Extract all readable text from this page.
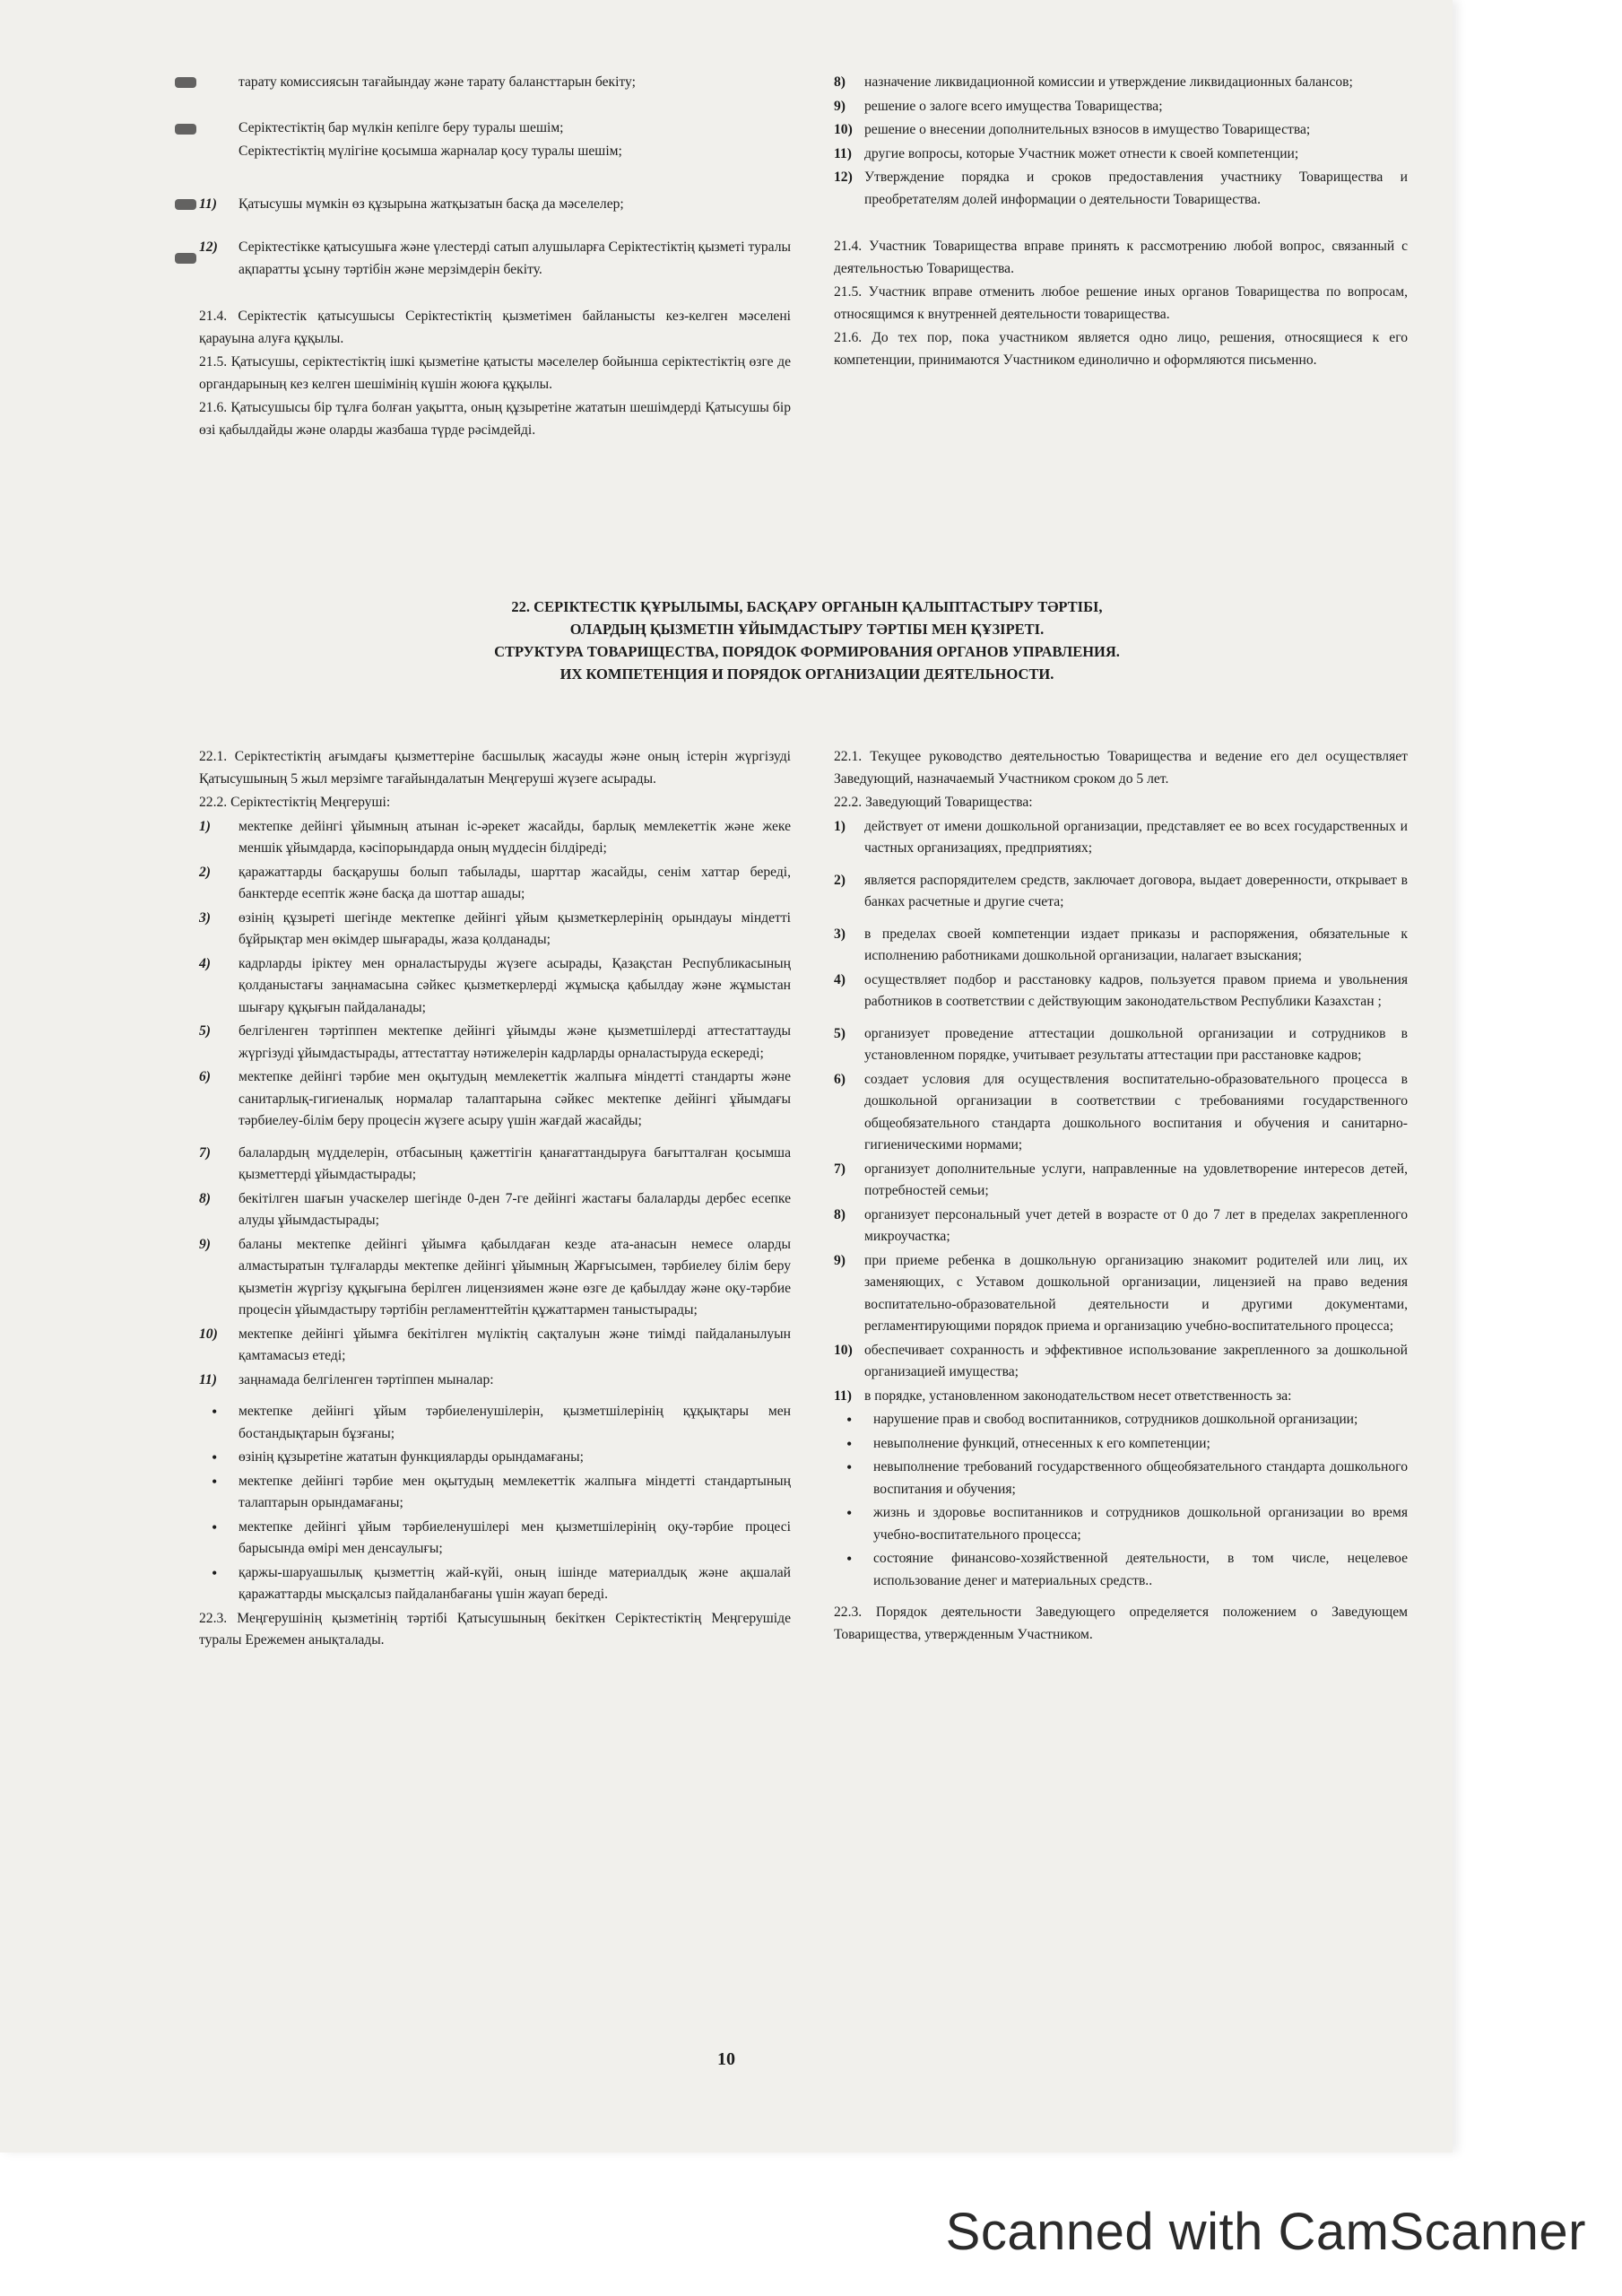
тарату комиссиясын тағайындау және тарату балансттарын бекіту;
Серіктестіктің бар мүлкін кепілге беру туралы шешім;
Серіктестіктің мүлігіне қосымша жарналар қосу туралы шешім;
11) Қатысушы мүмкін өз құзырына жатқызатын басқа да мәселелер;
12) Серіктестікке қатысушыға және үлестерді сатып алушыларға Серіктестіктің қызметі туралы ақпаратты ұсыну тәртібін және мерзімдерін бекіту.
21.4. Серіктестік қатысушысы Серіктестіктің қызметімен байланысты кез-келген мәселені қарауына алуға құқылы.
21.5. Қатысушы, серіктестіктің ішкі қызметіне қатысты мәселелер бойынша серіктестіктің өзге де органдарының кез келген шешімінің күшін жоюға құқылы.
21.6. Қатысушысы бір тұлға болған уақытта, оның құзыретіне жататын шешімдерді Қатысушы бір өзі қабылдайды және оларды жазбаша түрде рәсімдейді.
8) назначение ликвидационной комиссии и утверждение ликвидационных балансов;
9) решение о залоге всего имущества Товарищества;
10) решение о внесении дополнительных взносов в имущество Товарищества;
11) другие вопросы, которые Участник может отнести к своей компетенции;
12) Утверждение порядка и сроков предоставления участнику Товарищества и преобретателям долей информации о деятельности Товарищества.
21.4. Участник Товарищества вправе принять к рассмотрению любой вопрос, связанный с деятельностью Товарищества.
21.5. Участник вправе отменить любое решение иных органов Товарищества по вопросам, относящимся к внутренней деятельности товарищества.
21.6. До тех пор, пока участником является одно лицо, решения, относящиеся к его компетенции, принимаются Участником единолично и оформляются письменно.
22. СЕРІКТЕСТІК ҚҰРЫЛЫМЫ, БАСҚАРУ ОРГАНЫН ҚАЛЫПТАСТЫРУ ТӘРТІБІ,
ОЛАРДЫҢ ҚЫЗМЕТІН ҰЙЫМДАСТЫРУ ТӘРТІБІ МЕН ҚҰЗІРЕТІ.
СТРУКТУРА ТОВАРИЩЕСТВА, ПОРЯДОК ФОРМИРОВАНИЯ ОРГАНОВ УПРАВЛЕНИЯ.
ИХ КОМПЕТЕНЦИЯ И ПОРЯДОК ОРГАНИЗАЦИИ ДЕЯТЕЛЬНОСТИ.
22.1. Серіктестіктің ағымдағы қызметтеріне басшылық жасауды және оның істерін жүргізуді Қатысушының 5 жыл мерзімге тағайындалатын Меңгеруші жүзеге асырады.
22.2. Серіктестіктің Меңгеруші:
1) мектепке дейінгі ұйымның атынан іс-әрекет жасайды, барлық мемлекеттік және жеке меншік ұйымдарда, кәсіпорындарда оның мүддесін білдіреді;
2) қаражаттарды басқарушы болып табылады, шарттар жасайды, сенім хаттар береді, банктерде есептік және басқа да шоттар ашады;
3) өзінің құзыреті шегінде мектепке дейінгі ұйым қызметкерлерінің орындауы міндетті бұйрықтар мен өкімдер шығарады, жаза қолданады;
4) кадрларды іріктеу мен орналастыруды жүзеге асырады, Қазақстан Республикасының қолданыстағы заңнамасына сәйкес қызметкерлерді жұмысқа қабылдау және жұмыстан шығару құқығын пайдаланады;
5) белгіленген тәртіппен мектепке дейінгі ұйымды және қызметшілерді аттестаттауды жүргізуді ұйымдастырады, аттестаттау нәтижелерін кадрларды орналастыруда ескереді;
6) мектепке дейінгі тәрбие мен оқытудың мемлекеттік жалпыға міндетті стандарты және санитарлық-гигиеналық нормалар талаптарына сәйкес мектепке дейінгі ұйымдағы тәрбиелеу-білім беру процесін жүзеге асыру үшін жағдай жасайды;
7) балалардың мүдделерін, отбасының қажеттігін қанағаттандыруға бағытталған қосымша қызметтерді ұйымдастырады;
8) бекітілген шағын учаскелер шегінде 0-ден 7-ге дейінгі жастағы балаларды дербес есепке алуды ұйымдастырады;
9) баланы мектепке дейінгі ұйымға қабылдаған кезде ата-анасын немесе оларды алмастыратын тұлғаларды мектепке дейінгі ұйымның Жарғысымен, тәрбиелеу білім беру қызметін жүргізу құқығына берілген лицензиямен және өзге де қабылдау және оқу-тәрбие процесін ұйымдастыру тәртібін регламенттейтін құжаттармен таныстырады;
10) мектепке дейінгі ұйымға бекітілген мүліктің сақталуын және тиімді пайдаланылуын қамтамасыз етеді;
11) заңнамада белгіленген тәртіппен мыналар:
• мектепке дейінгі ұйым тәрбиеленушілерін, қызметшілерінің құқықтары мен бостандықтарын бұзғаны;
• өзінің құзыретіне жататын функцияларды орындамағаны;
• мектепке дейінгі тәрбие мен оқытудың мемлекеттік жалпыға міндетті стандартының талаптарын орындамағаны;
• мектепке дейінгі ұйым тәрбиеленушілері мен қызметшілерінің оқу-тәрбие процесі барысында өмірі мен денсаулығы;
• қаржы-шаруашылық қызметтің жай-күйі, оның ішінде материалдық және ақшалай қаражаттарды мысқалсыз пайдаланбағаны үшін жауап береді.
22.3. Меңгерушінің қызметінің тәртібі Қатысушының бекіткен Серіктестіктің Меңгерушіде туралы Ережемен анықталады.
22.1. Текущее руководство деятельностью Товарищества и ведение его дел осуществляет Заведующий, назначаемый Участником сроком до 5 лет.
22.2. Заведующий Товарищества:
1) действует от имени дошкольной организации, представляет ее во всех государственных и частных организациях, предприятиях;
2) является распорядителем средств, заключает договора, выдает доверенности, открывает в банках расчетные и другие счета;
3) в пределах своей компетенции издает приказы и распоряжения, обязательные к исполнению работниками дошкольной организации, налагает взыскания;
4) осуществляет подбор и расстановку кадров, пользуется правом приема и увольнения работников в соответствии с действующим законодательством Республики Казахстан ;
5) организует проведение аттестации дошкольной организации и сотрудников в установленном порядке, учитывает результаты аттестации при расстановке кадров;
6) создает условия для осуществления воспитательно-образовательного процесса в дошкольной организации в соответствии с требованиями государственного общеобязательного стандарта дошкольного воспитания и обучения и санитарно-гигиеническими нормами;
7) организует дополнительные услуги, направленные на удовлетворение интересов детей, потребностей семьи;
8) организует персональный учет детей в возрасте от 0 до 7 лет в пределах закрепленного микроучастка;
9) при приеме ребенка в дошкольную организацию знакомит родителей или лиц, их заменяющих, с Уставом дошкольной организации, лицензией на право ведения воспитательно-образовательной деятельности и другими документами, регламентирующими порядок приема и организацию учебно-воспитательного процесса;
10) обеспечивает сохранность и эффективное использование закрепленного за дошкольной организацией имущества;
11) в порядке, установленном законодательством несет ответственность за:
• нарушение прав и свобод воспитанников, сотрудников дошкольной организации;
• невыполнение функций, отнесенных к его компетенции;
• невыполнение требований государственного общеобязательного стандарта дошкольного воспитания и обучения;
• жизнь и здоровье воспитанников и сотрудников дошкольной организации во время учебно-воспитательного процесса;
• состояние финансово-хозяйственной деятельности, в том числе, нецелевое использование денег и материальных средств..
22.3. Порядок деятельности Заведующего определяется положением о Заведующем Товарищества, утвержденным Участником.
10
Scanned with CamScanner
